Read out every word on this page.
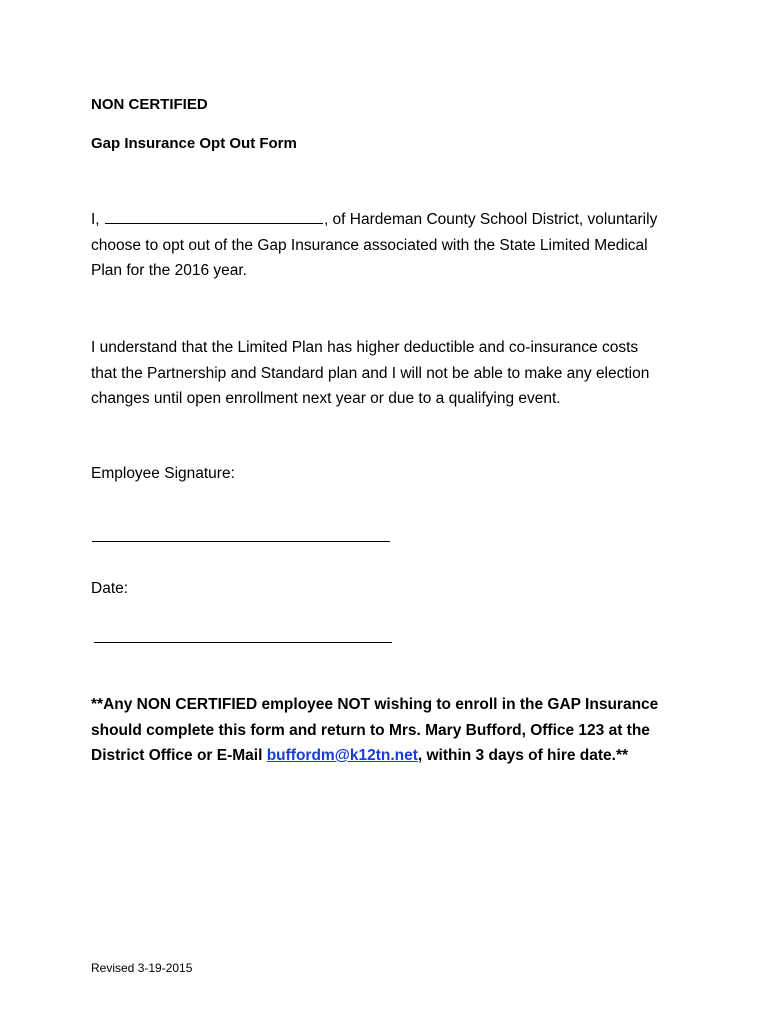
NON CERTIFIED

Gap Insurance Opt Out Form

I,	, of Hardeman County School District, voluntarily
choose to opt out of the Gap Insurance associated with the State Limited Medical
Plan for the 2016 year.
I understand that the Limited Plan has higher deductible and co-insurance costs
that the Partnership and Standard plan and I will not be able to make any election
changes until open enrollment next year or due to a qualifying event.

Employee Signature:

Date:

**Any NON CERTIFIED employee NOT wishing to enroll in the GAP Insurance
should complete this form and return to Mrs. Mary Bufford, Office 123 at the
District Office or E-Mail buffordm@k12tn.net, within 3 days of hire date.**

Revised 3-19-2015
